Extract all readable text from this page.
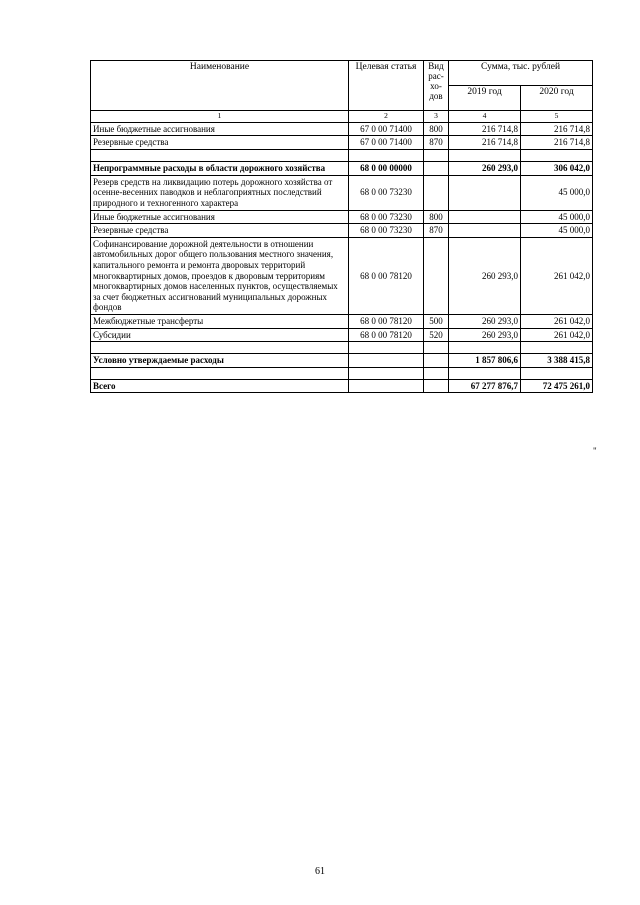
Наименование	Целевая статья	Вид рас- хо- дов	Сумма, тыс. рублей	
			2019 год	2020 год
1	2	3	4	5
Иные бюджетные ассигнования	67 0 00 71400	800	216 714,8	216 714,8
Резервные средства	67 0 00 71400	870	216 714,8	216 714,8

Непрограммные расходы в области дорожного хозяйства	68 0 00 00000		260 293,0	306 042,0
Резерв средств на ликвидацию потерь дорожного хозяйства от осенне-весенних паводков и неблагоприятных последствий природного и техногенного характера	68 0 00 73230			45 000,0
Иные бюджетные ассигнования	68 0 00 73230	800		45 000,0
Резервные средства	68 0 00 73230	870		45 000,0
Софинансирование дорожной деятельности в отношении автомобильных дорог общего пользования местного значения, капитального ремонта и ремонта дворовых территорий многоквартирных домов, проездов к дворовым территориям многоквартирных домов населенных пунктов, осуществляемых за счет бюджетных ассигнований муниципальных дорожных фондов	68 0 00 78120		260 293,0	261 042,0
Межбюджетные трансферты	68 0 00 78120	500	260 293,0	261 042,0
Субсидии	68 0 00 78120	520	260 293,0	261 042,0

Условно утверждаемые расходы			1 857 806,6	3 388 415,8

Всего			67 277 876,7	72 475 261,0
"
61
